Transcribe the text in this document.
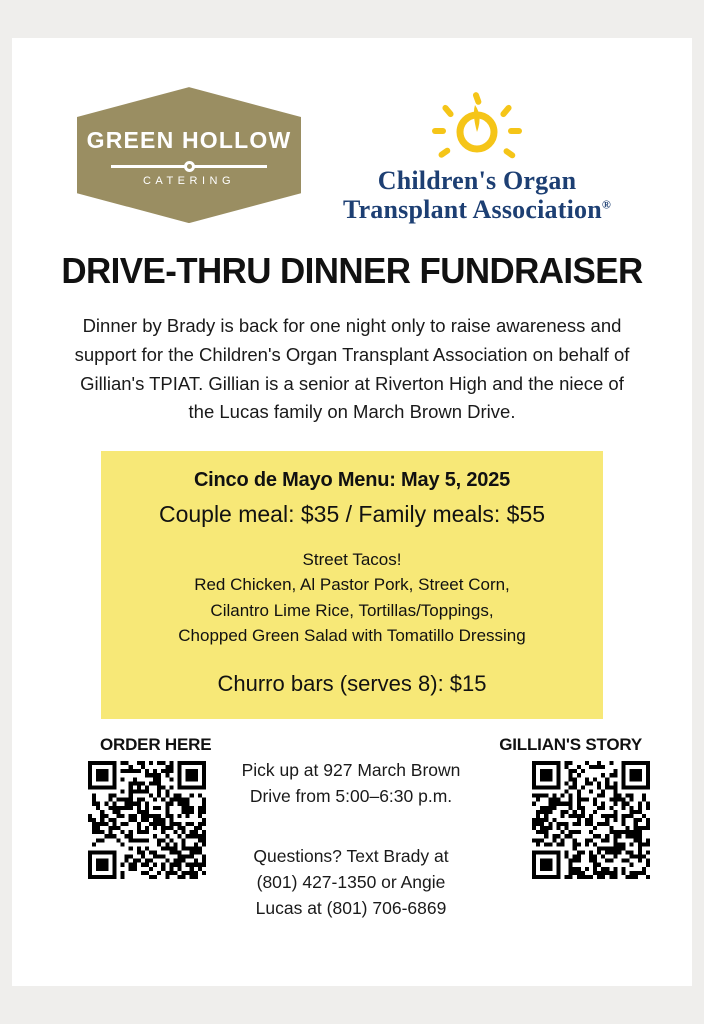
GREEN HOLLOW
CATERING	Children's Organ
Transplant Association®
DRIVE-THRU DINNER FUNDRAISER
Dinner by Brady is back for one night only to raise awareness and support for the Children's Organ Transplant Association on behalf of Gillian's TPIAT. Gillian is a senior at Riverton High and the niece of the Lucas family on March Brown Drive.
Cinco de Mayo Menu: May 5, 2025
Couple meal: $35 / Family meals: $55
Street Tacos!
Red Chicken, Al Pastor Pork, Street Corn,
Cilantro Lime Rice, Tortillas/Toppings,
Chopped Green Salad with Tomatillo Dressing
Churro bars (serves 8): $15
ORDER HERE	GILLIAN'S STORY
Pick up at 927 March Brown
Drive from 5:00–6:30 p.m.
Questions? Text Brady at
(801) 427-1350 or Angie
Lucas at (801) 706-6869
